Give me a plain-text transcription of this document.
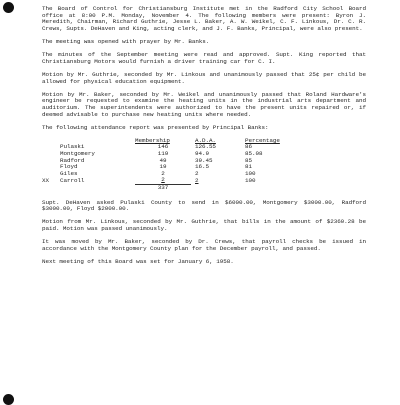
The Board of Control for Christiansburg Institute met in the Radford City School Board office at 8:00 P.M. Monday, November 4. The following members were present: Byron J. Meredith, Chairman, Richard Guthrie, Jesse L. Baker, A. W. Weikel, C. F. Linkous, Dr. C. R. Crews, Supts. DeHaven and King, acting clerk, and J. F. Banks, Principal, were also present.

The meeting was opened with prayer by Mr. Banks.

The minutes of the September meeting were read and approved. Supt. King reported that Christiansburg Motors would furnish a driver training car for C. I.

Motion by Mr. Guthrie, seconded by Mr. Linkous and unanimously passed that 25¢ per child be allowed for physical education equipment.

Motion by Mr. Baker, seconded by Mr. Weikel and unanimously passed that Roland Hardware's engineer be requested to examine the heating units in the industrial arts department and auditorium. The superintendents were authorized to have the present units repaired or, if deemed advisable to purchase new heating units where needed.

The following attendance report was presented by Principal Banks:

		Membership	A.D.A.	Percentage
	Pulaski	146	126.55	86
	Montgomery	119	94.9	85.08
	Radford	49	39.45	85
	Floyd	19	16.5	81
	Giles	2	2	100
XX	Carroll	2	2	100
		337		

Supt. DeHaven asked Pulaski County to send in $6000.00, Montgomery $3000.00, Radford $3000.00, Floyd $2000.00.

Motion from Mr. Linkous, seconded by Mr. Guthrie, that bills in the amount of $2360.28 be paid. Motion was passed unanimously.

It was moved by Mr. Baker, seconded by Dr. Crews, that payroll checks be issued in accordance with the Montgomery County plan for the December payroll, and passed.

Next meeting of this Board was set for January 6, 1958.
